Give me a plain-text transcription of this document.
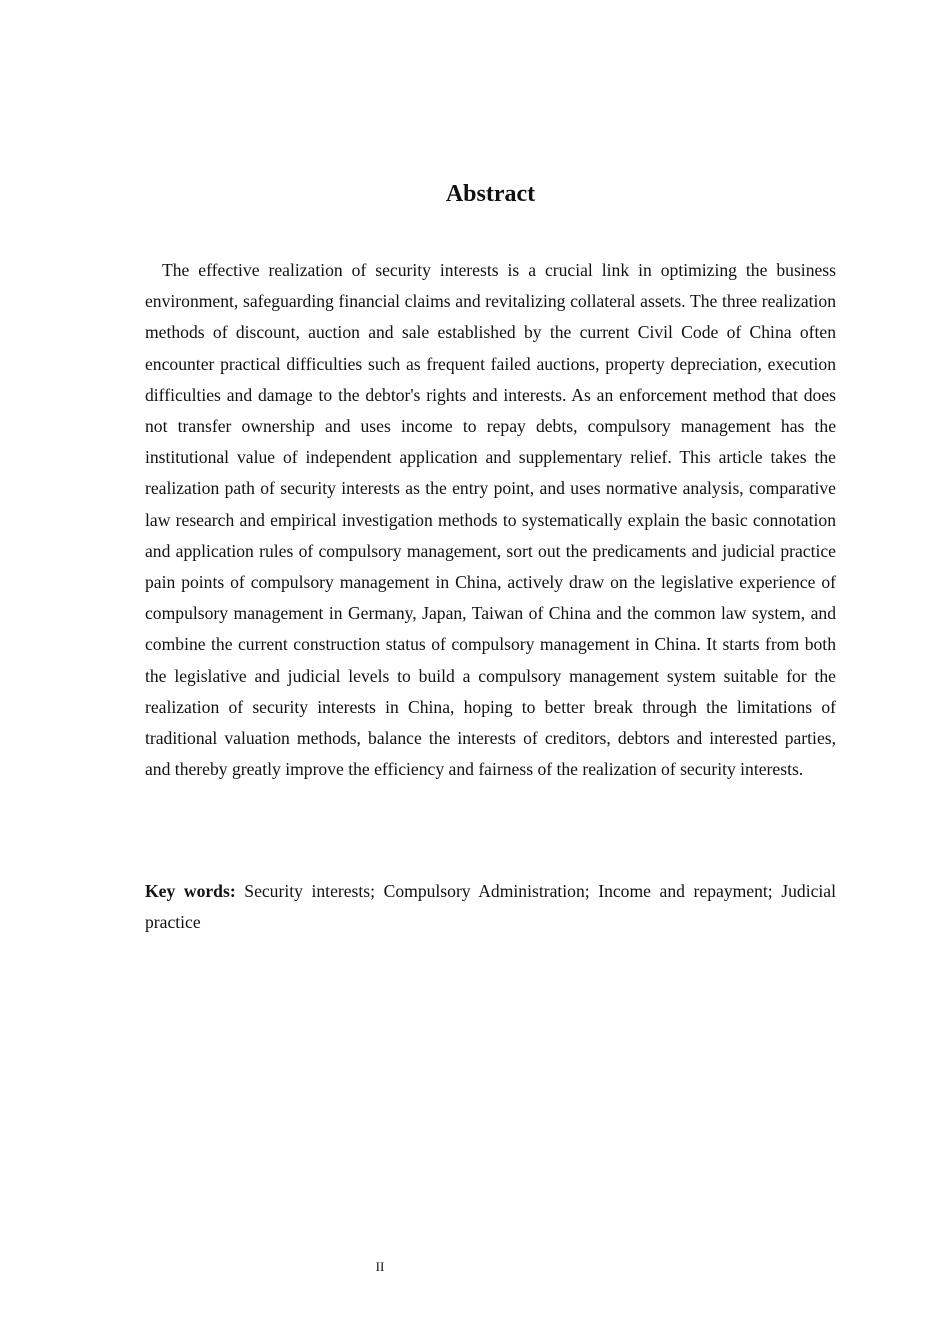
Abstract

The effective realization of security interests is a crucial link in optimizing the business environment, safeguarding financial claims and revitalizing collateral assets. The three realization methods of discount, auction and sale established by the current Civil Code of China often encounter practical difficulties such as frequent failed auctions, property depreciation, execution difficulties and damage to the debtor's rights and interests. As an enforcement method that does not transfer ownership and uses income to repay debts, compulsory management has the institutional value of independent application and supplementary relief. This article takes the realization path of security interests as the entry point, and uses normative analysis, comparative law research and empirical investigation methods to systematically explain the basic connotation and application rules of compulsory management, sort out the predicaments and judicial practice pain points of compulsory management in China, actively draw on the legislative experience of compulsory management in Germany, Japan, Taiwan of China and the common law system, and combine the current construction status of compulsory management in China. It starts from both the legislative and judicial levels to build a compulsory management system suitable for the realization of security interests in China, hoping to better break through the limitations of traditional valuation methods, balance the interests of creditors, debtors and interested parties, and thereby greatly improve the efficiency and fairness of the realization of security interests.

Key words: Security interests; Compulsory Administration; Income and repayment; Judicial practice

II
